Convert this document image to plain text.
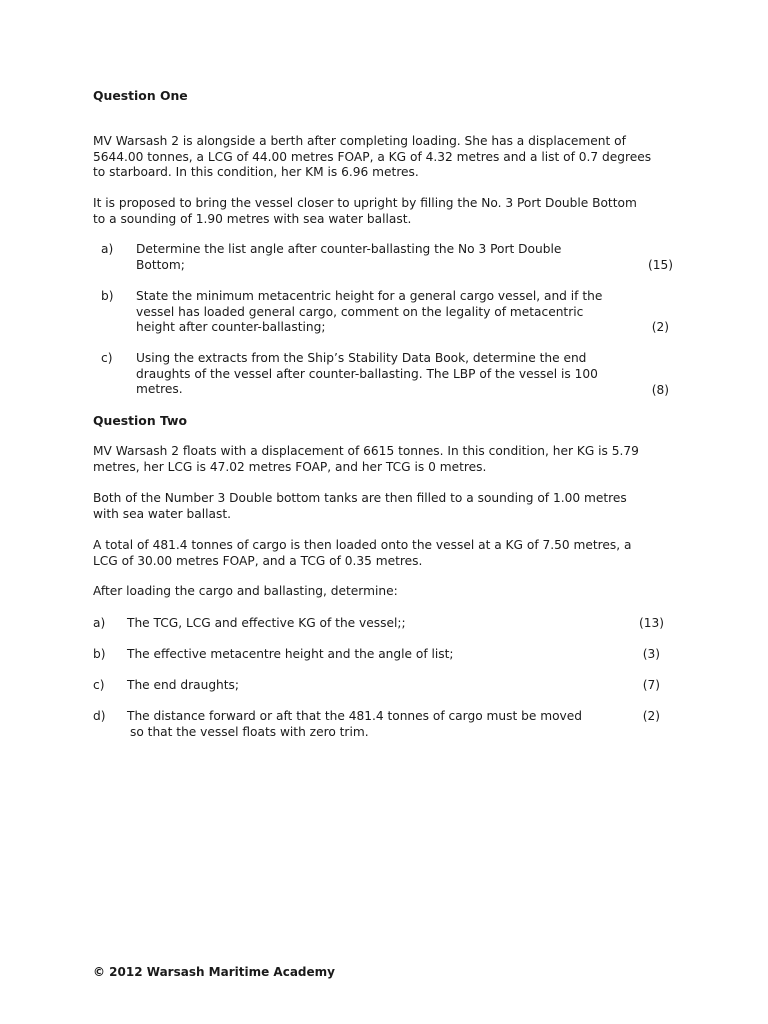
Question One
MV Warsash 2 is alongside a berth after completing loading. She has a displacement of
5644.00 tonnes, a LCG of 44.00 metres FOAP, a KG of 4.32 metres and a list of 0.7 degrees
to starboard. In this condition, her KM is 6.96 metres.
It is proposed to bring the vessel closer to upright by filling the No. 3 Port Double Bottom
to a sounding of 1.90 metres with sea water ballast.
a) Determine the list angle after counter-ballasting the No 3 Port Double
Bottom;	(15)
b) State the minimum metacentric height for a general cargo vessel, and if the
vessel has loaded general cargo, comment on the legality of metacentric
height after counter-ballasting;	(2)
c) Using the extracts from the Ship’s Stability Data Book, determine the end
draughts of the vessel after counter-ballasting. The LBP of the vessel is 100
metres.	(8)
Question Two
MV Warsash 2 floats with a displacement of 6615 tonnes. In this condition, her KG is 5.79
metres, her LCG is 47.02 metres FOAP, and her TCG is 0 metres.
Both of the Number 3 Double bottom tanks are then filled to a sounding of 1.00 metres
with sea water ballast.
A total of 481.4 tonnes of cargo is then loaded onto the vessel at a KG of 7.50 metres, a
LCG of 30.00 metres FOAP, and a TCG of 0.35 metres.
After loading the cargo and ballasting, determine:
a) The TCG, LCG and effective KG of the vessel;;	(13)
b) The effective metacentre height and the angle of list;	(3)
c) The end draughts;	(7)
d) The distance forward or aft that the 481.4 tonnes of cargo must be moved
so that the vessel floats with zero trim.
(2)
© 2012 Warsash Maritime Academy
